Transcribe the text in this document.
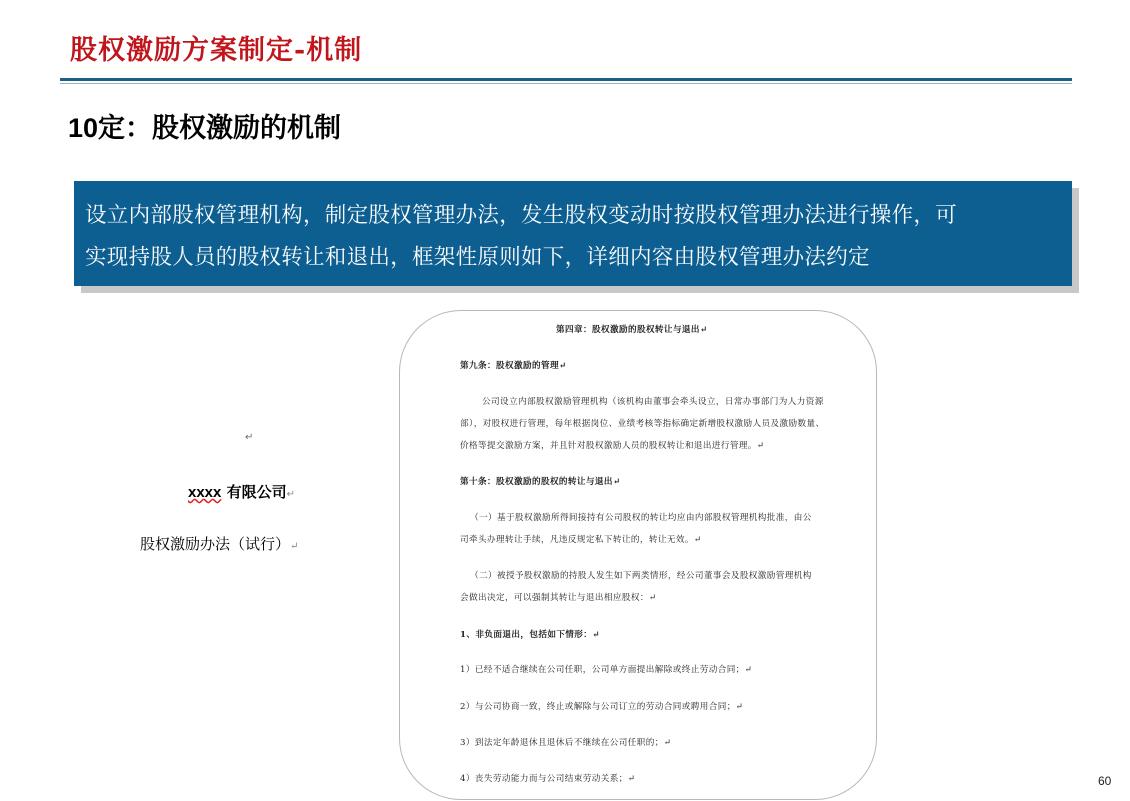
股权激励方案制定-机制
10定：股权激励的机制
设立内部股权管理机构，制定股权管理办法，发生股权变动时按股权管理办法进行操作，可
实现持股人员的股权转让和退出，框架性原则如下，详细内容由股权管理办法约定
↵
xxxx 有限公司↵
股权激励办法（试行）↵
第四章：股权激励的股权转让与退出↵
第九条：股权激励的管理↵
公司设立内部股权激励管理机构（该机构由董事会牵头设立，日常办事部门为人力资源
部），对股权进行管理，每年根据岗位、业绩考核等指标确定新增股权激励人员及激励数量、
价格等提交激励方案，并且针对股权激励人员的股权转让和退出进行管理。↵
第十条：股权激励的股权的转让与退出↵
（一）基于股权激励所得间接持有公司股权的转让均应由内部股权管理机构批准，由公
司牵头办理转让手续，凡违反规定私下转让的，转让无效。↵
（二）被授予股权激励的持股人发生如下两类情形，经公司董事会及股权激励管理机构
会做出决定，可以强制其转让与退出相应股权：↵
1、非负面退出，包括如下情形：↵
1）已经不适合继续在公司任职，公司单方面提出解除或终止劳动合同；↵
2）与公司协商一致，终止或解除与公司订立的劳动合同或聘用合同；↵
3）到法定年龄退休且退休后不继续在公司任职的；↵
4）丧失劳动能力而与公司结束劳动关系；↵	60
